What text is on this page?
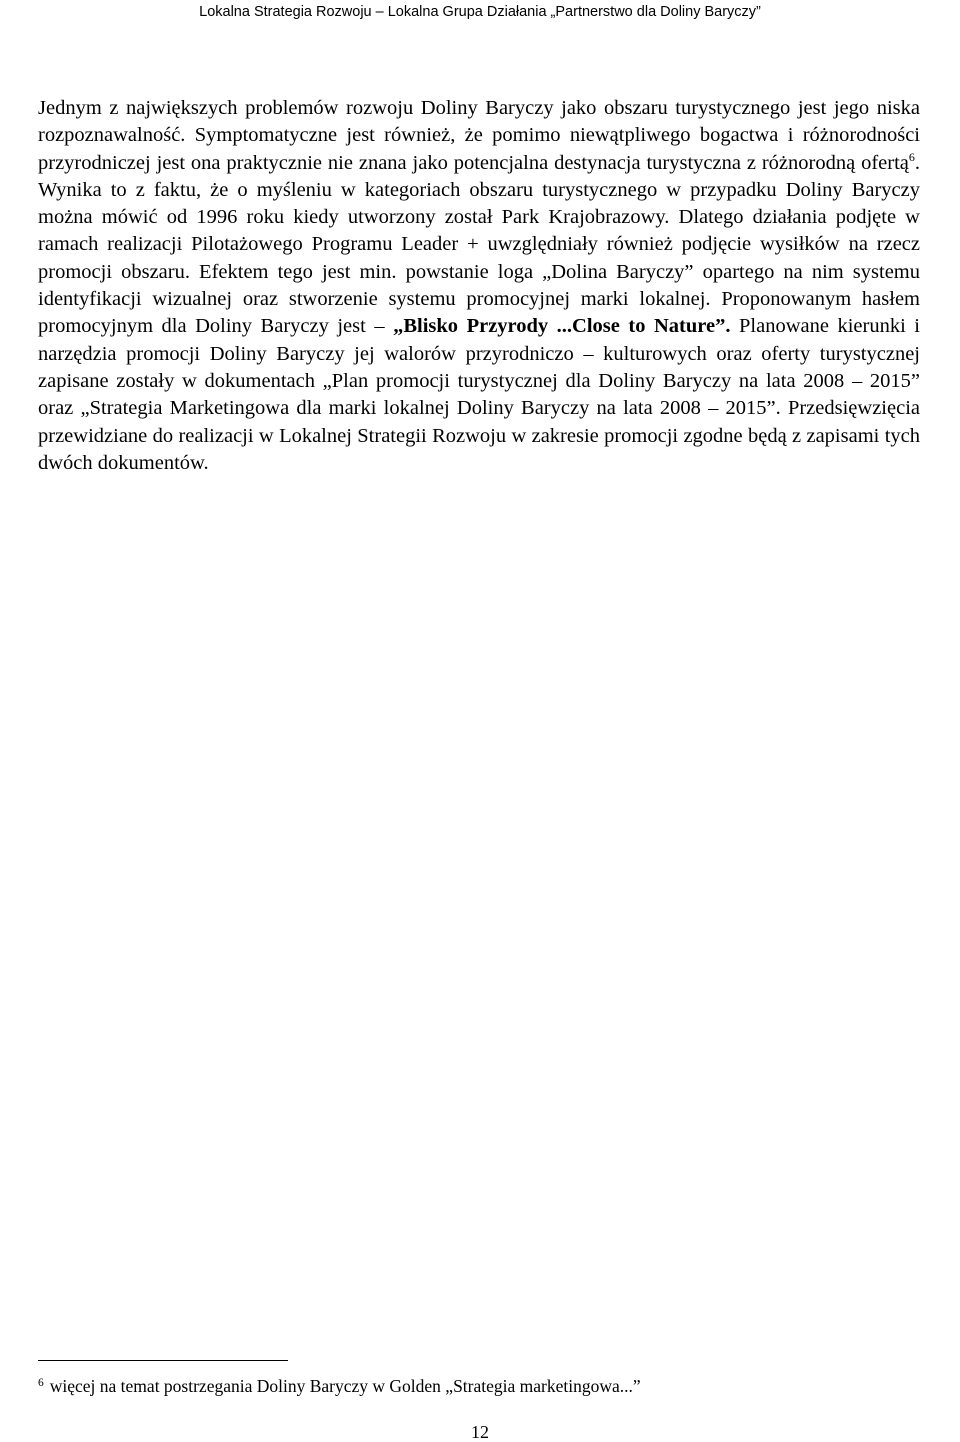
Lokalna Strategia Rozwoju – Lokalna Grupa Działania „Partnerstwo dla Doliny Baryczy”

Jednym z największych problemów rozwoju Doliny Baryczy jako obszaru turystycznego jest jego niska rozpoznawalność. Symptomatyczne jest również, że pomimo niewątpliwego bogactwa i różnorodności przyrodniczej jest ona praktycznie nie znana jako potencjalna destynacja turystyczna z różnorodną ofertą$^6$. Wynika to z faktu, że o myśleniu w kategoriach obszaru turystycznego w przypadku Doliny Baryczy można mówić od 1996 roku kiedy utworzony został Park Krajobrazowy. Dlatego działania podjęte w ramach realizacji Pilotażowego Programu Leader + uwzględniały również podjęcie wysiłków na rzecz promocji obszaru. Efektem tego jest min. powstanie loga „Dolina Baryczy” opartego na nim systemu identyfikacji wizualnej oraz stworzenie systemu promocyjnej marki lokalnej. Proponowanym hasłem promocyjnym dla Doliny Baryczy jest – „Blisko Przyrody ...Close to Nature”. Planowane kierunki i narzędzia promocji Doliny Baryczy jej walorów przyrodniczo – kulturowych oraz oferty turystycznej zapisane zostały w dokumentach „Plan promocji turystycznej dla Doliny Baryczy na lata 2008 – 2015” oraz „Strategia Marketingowa dla marki lokalnej Doliny Baryczy na lata 2008 – 2015”. Przedsięwzięcia przewidziane do realizacji w Lokalnej Strategii Rozwoju w zakresie promocji zgodne będą z zapisami tych dwóch dokumentów.

$^6$ więcej na temat postrzegania Doliny Baryczy w Golden „Strategia marketingowa...”
12
